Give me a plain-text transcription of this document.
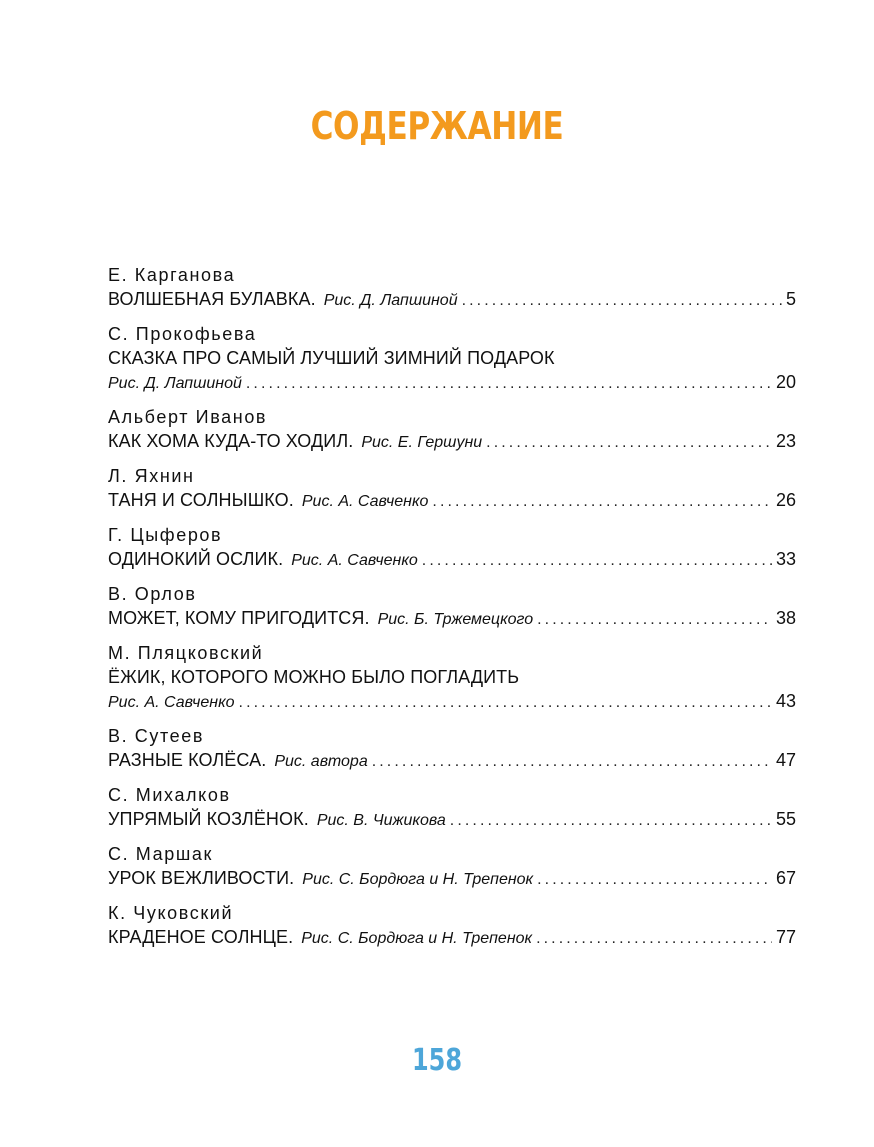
СОДЕРЖАНИЕ
Е. Карганова
ВОЛШЕБНАЯ БУЛАВКА. Рис. Д. Лапшиной .....	5
С. Прокофьева
СКАЗКА ПРО САМЫЙ ЛУЧШИЙ ЗИМНИЙ ПОДАРОК
Рис. Д. Лапшиной .....	20
Альберт Иванов
КАК ХОМА КУДА-ТО ХОДИЛ. Рис. Е. Гершуни .....	23
Л. Яхнин
ТАНЯ И СОЛНЫШКО. Рис. А. Савченко .....	26
Г. Цыферов
ОДИНОКИЙ ОСЛИК. Рис. А. Савченко .....	33
В. Орлов
МОЖЕТ, КОМУ ПРИГОДИТСЯ. Рис. Б. Тржемецкого .....	38
М. Пляцковский
ЁЖИК, КОТОРОГО МОЖНО БЫЛО ПОГЛАДИТЬ
Рис. А. Савченко .....	43
В. Сутеев
РАЗНЫЕ КОЛЁСА. Рис. автора .....	47
С. Михалков
УПРЯМЫЙ КОЗЛЁНОК. Рис. В. Чижикова .....	55
С. Маршак
УРОК ВЕЖЛИВОСТИ. Рис. С. Бордюга и Н. Трепенок .....	67
К. Чуковский
КРАДЕНОЕ СОЛНЦЕ. Рис. С. Бордюга и Н. Трепенок .....	77
158
